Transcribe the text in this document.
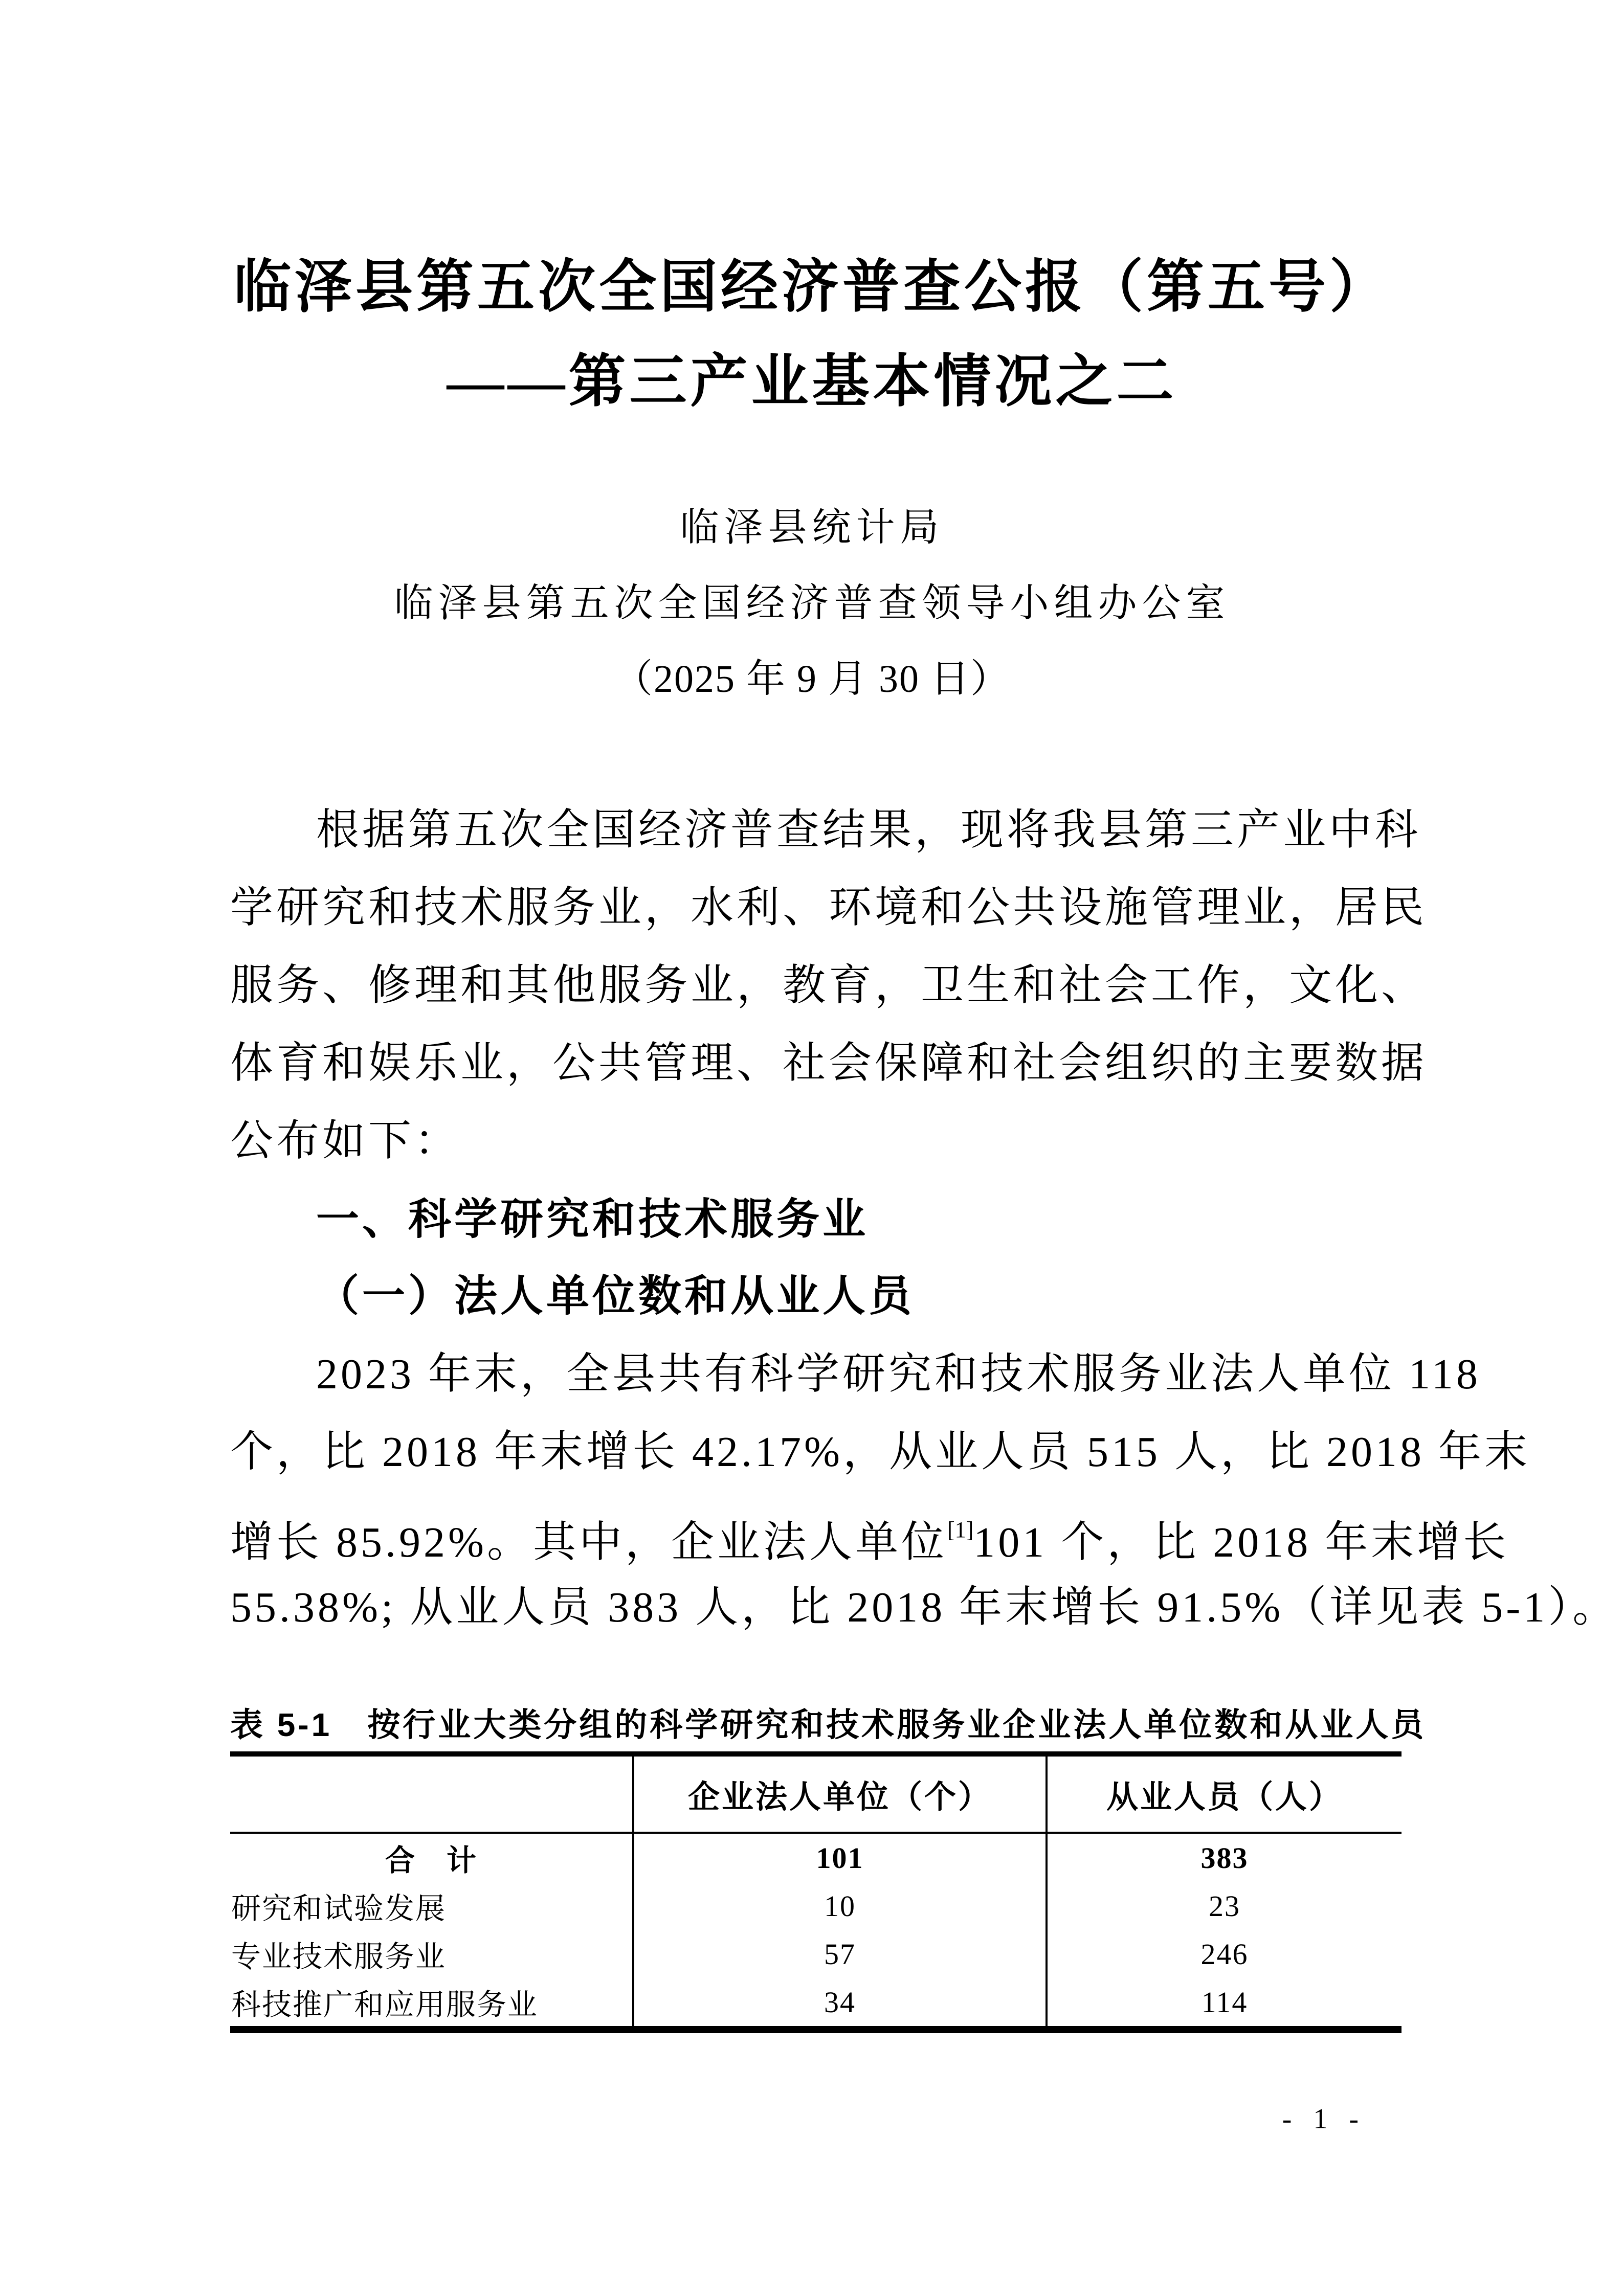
临泽县第五次全国经济普查公报（第五号）
——第三产业基本情况之二
临泽县统计局
临泽县第五次全国经济普查领导小组办公室
（2025 年 9 月 30 日）
根据第五次全国经济普查结果，现将我县第三产业中科
学研究和技术服务业，水利、环境和公共设施管理业，居民
服务、修理和其他服务业，教育，卫生和社会工作，文化、
体育和娱乐业，公共管理、社会保障和社会组织的主要数据
公布如下：
一、科学研究和技术服务业
（一）法人单位数和从业人员
2023 年末，全县共有科学研究和技术服务业法人单位 118
个，比 2018 年末增长 42.17%，从业人员 515 人，比 2018 年末
增长 85.92%。其中，企业法人单位[1]101 个，比 2018 年末增长
55.38%; 从业人员 383 人，比 2018 年末增长 91.5%（详见表 5-1）。
表 5-1　按行业大类分组的科学研究和技术服务业企业法人单位数和从业人员
	企业法人单位（个）	从业人员（人）
合　计	101	383
研究和试验发展	10	23
专业技术服务业	57	246
科技推广和应用服务业	34	114
- 1 -
